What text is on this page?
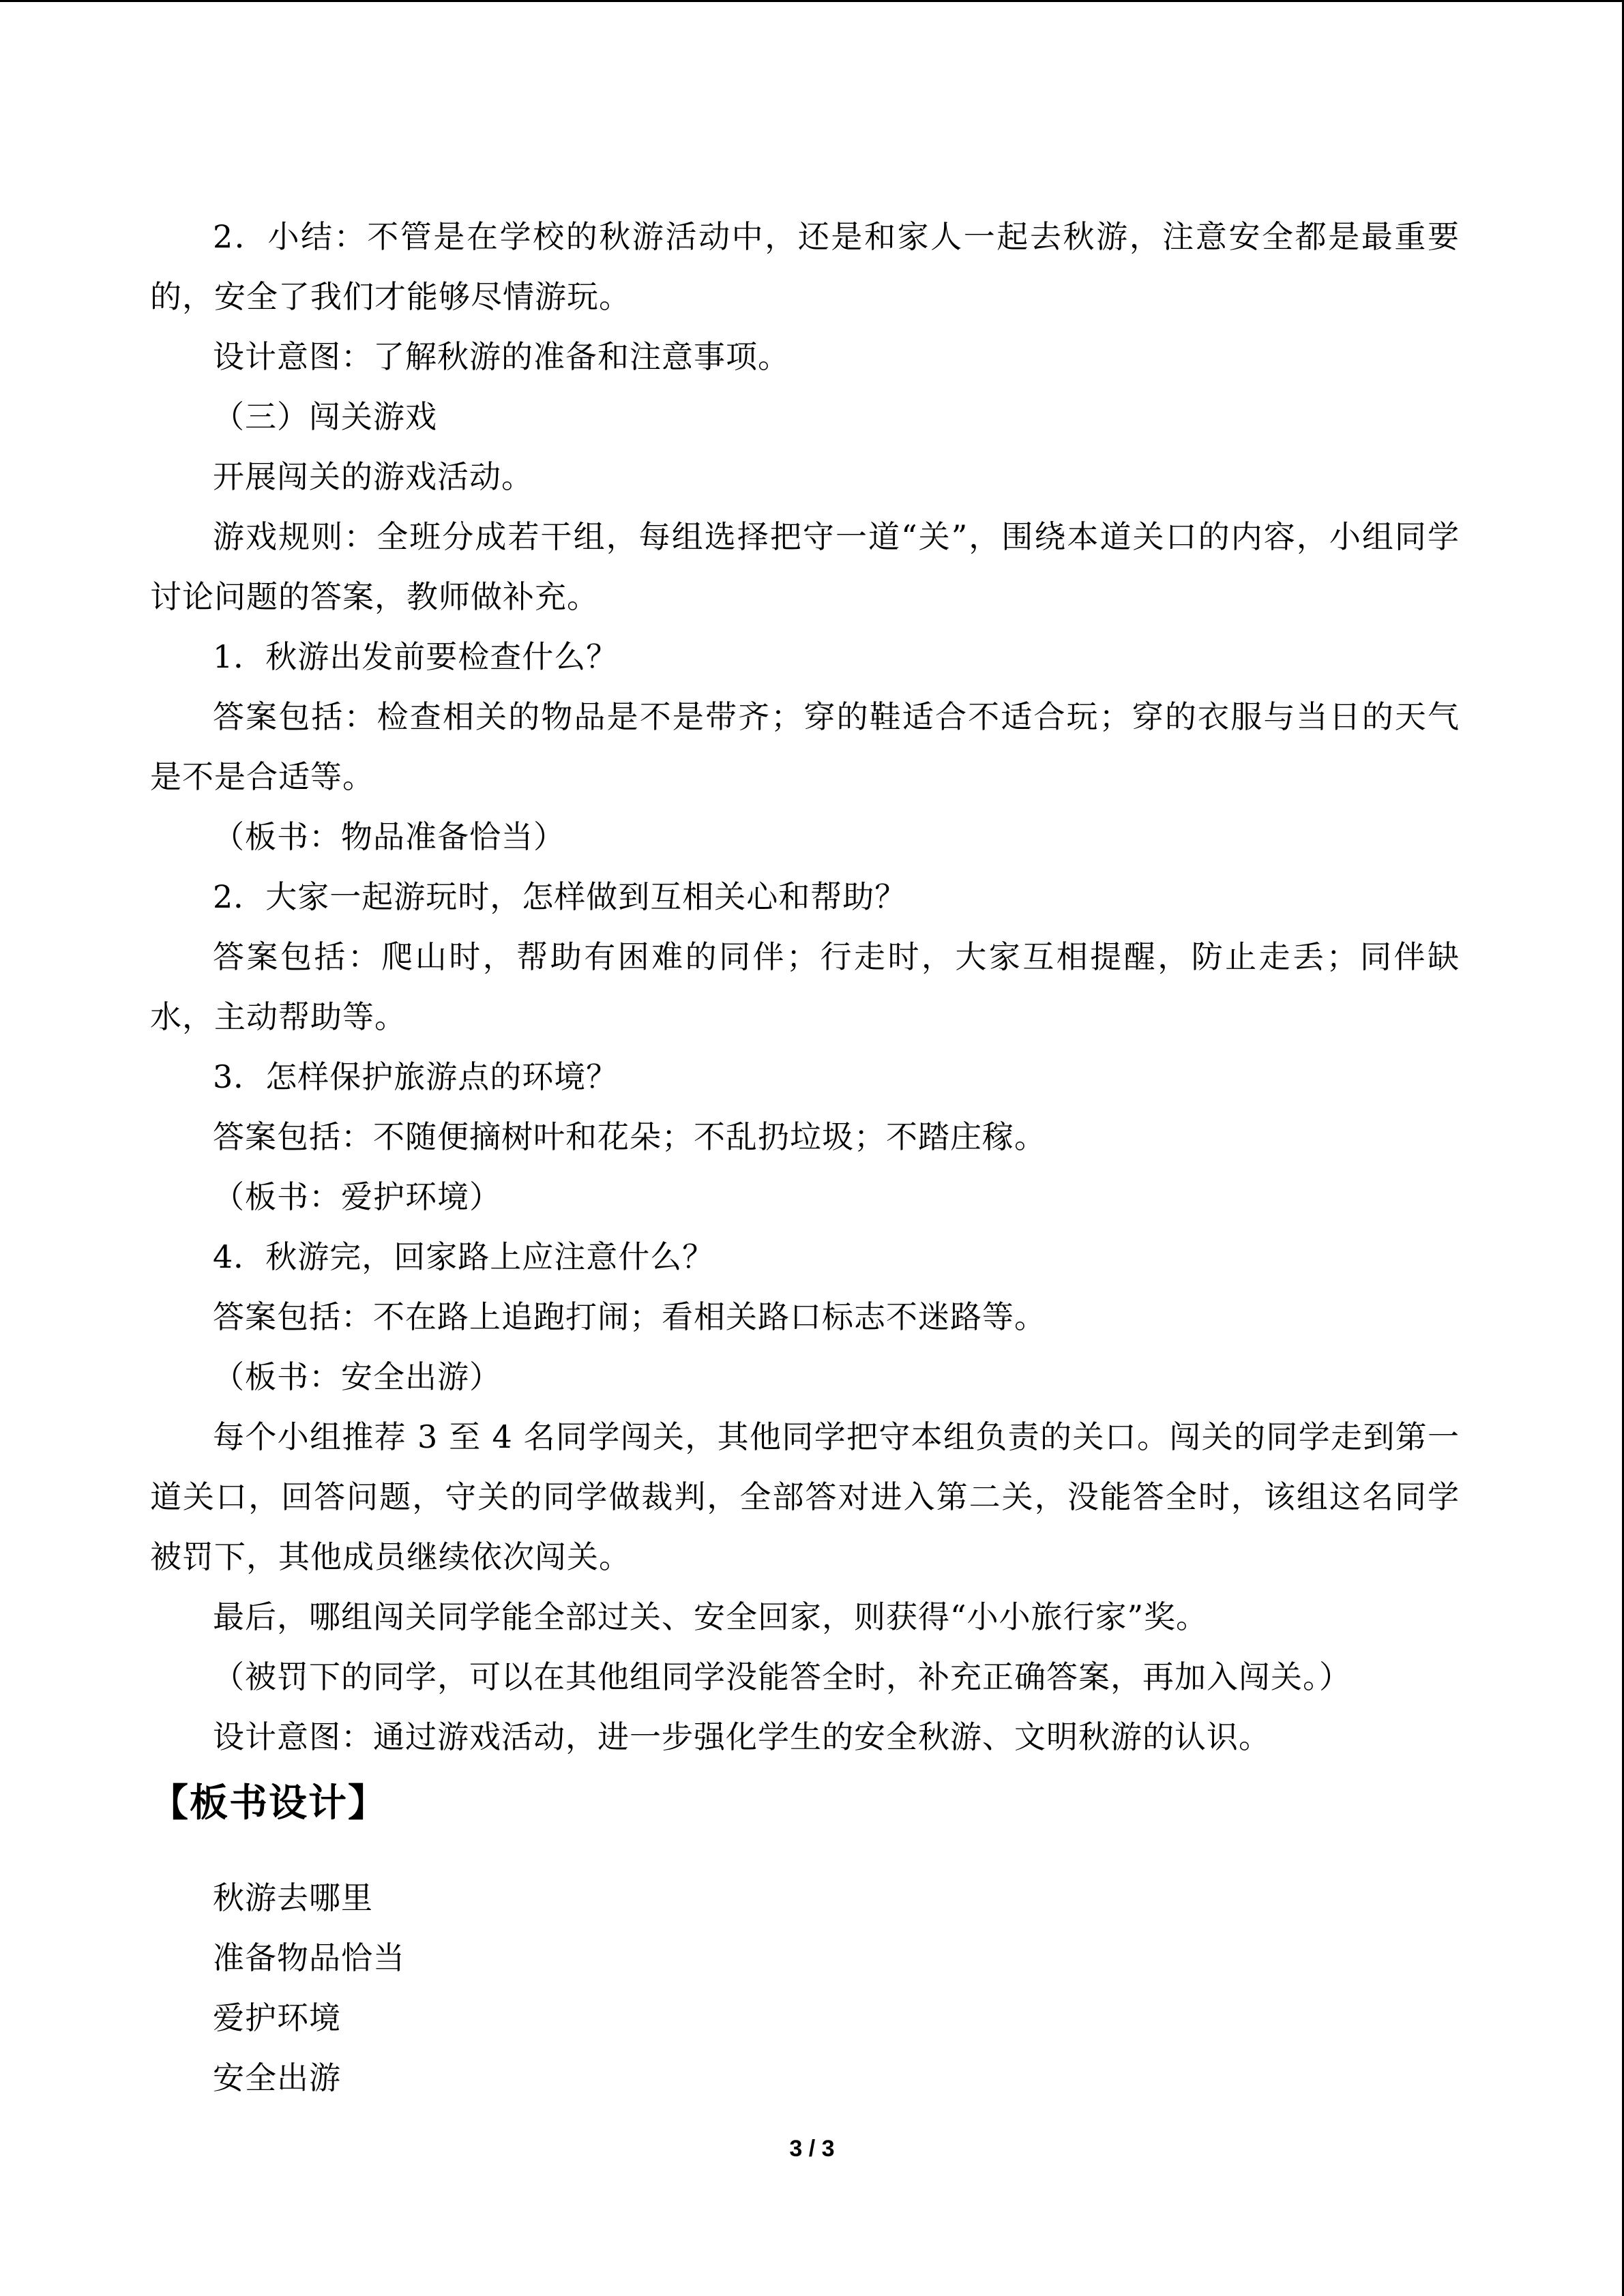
2．小结：不管是在学校的秋游活动中，还是和家人一起去秋游，注意安全都是最重要的，安全了我们才能够尽情游玩。

设计意图：了解秋游的准备和注意事项。

（三）闯关游戏

开展闯关的游戏活动。

游戏规则：全班分成若干组，每组选择把守一道“关”，围绕本道关口的内容，小组同学讨论问题的答案，教师做补充。

1．秋游出发前要检查什么？

答案包括：检查相关的物品是不是带齐；穿的鞋适合不适合玩；穿的衣服与当日的天气是不是合适等。

（板书：物品准备恰当）

2．大家一起游玩时，怎样做到互相关心和帮助？

答案包括：爬山时，帮助有困难的同伴；行走时，大家互相提醒，防止走丢；同伴缺水，主动帮助等。

3．怎样保护旅游点的环境？

答案包括：不随便摘树叶和花朵；不乱扔垃圾；不踏庄稼。

（板书：爱护环境）

4．秋游完，回家路上应注意什么？

答案包括：不在路上追跑打闹；看相关路口标志不迷路等。

（板书：安全出游）

每个小组推荐 3 至 4 名同学闯关，其他同学把守本组负责的关口。闯关的同学走到第一道关口，回答问题，守关的同学做裁判，全部答对进入第二关，没能答全时，该组这名同学被罚下，其他成员继续依次闯关。

最后，哪组闯关同学能全部过关、安全回家，则获得“小小旅行家”奖。

（被罚下的同学，可以在其他组同学没能答全时，补充正确答案，再加入闯关。）

设计意图：通过游戏活动，进一步强化学生的安全秋游、文明秋游的认识。

【板书设计】

秋游去哪里

准备物品恰当

爱护环境

安全出游

3 / 3
